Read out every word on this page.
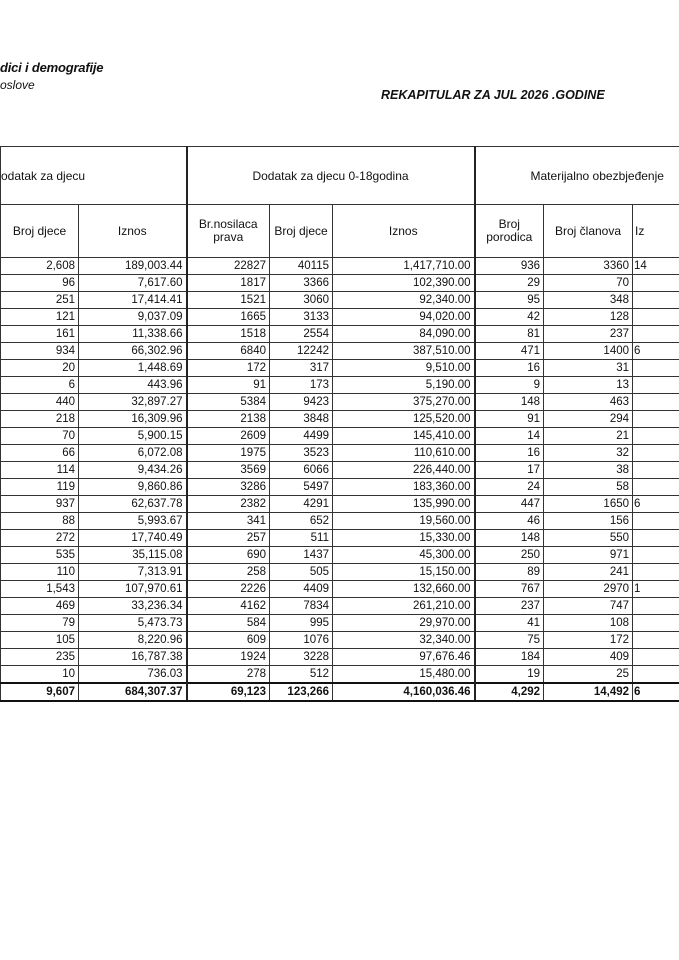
dici i demografije
oslove
REKAPITULAR ZA JUL 2026 .GODINE
odatak za djecu		Dodatak za djecu 0-18godina			Materijalno obezbjeđenje		
Broj djece	Iznos	Br.nosilaca prava	Broj djece	Iznos	Broj porodica	Broj članova	Iz
2,608	189,003.44	22827	40115	1,417,710.00	936	3360	14
96	7,617.60	1817	3366	102,390.00	29	70	
251	17,414.41	1521	3060	92,340.00	95	348	
121	9,037.09	1665	3133	94,020.00	42	128	
161	11,338.66	1518	2554	84,090.00	81	237	
934	66,302.96	6840	12242	387,510.00	471	1400	6
20	1,448.69	172	317	9,510.00	16	31	
6	443.96	91	173	5,190.00	9	13	
440	32,897.27	5384	9423	375,270.00	148	463	
218	16,309.96	2138	3848	125,520.00	91	294	
70	5,900.15	2609	4499	145,410.00	14	21	
66	6,072.08	1975	3523	110,610.00	16	32	
114	9,434.26	3569	6066	226,440.00	17	38	
119	9,860.86	3286	5497	183,360.00	24	58	
937	62,637.78	2382	4291	135,990.00	447	1650	6
88	5,993.67	341	652	19,560.00	46	156	
272	17,740.49	257	511	15,330.00	148	550	
535	35,115.08	690	1437	45,300.00	250	971	
110	7,313.91	258	505	15,150.00	89	241	
1,543	107,970.61	2226	4409	132,660.00	767	2970	1
469	33,236.34	4162	7834	261,210.00	237	747	
79	5,473.73	584	995	29,970.00	41	108	
105	8,220.96	609	1076	32,340.00	75	172	
235	16,787.38	1924	3228	97,676.46	184	409	
10	736.03	278	512	15,480.00	19	25	
9,607	684,307.37	69,123	123,266	4,160,036.46	4,292	14,492	6
